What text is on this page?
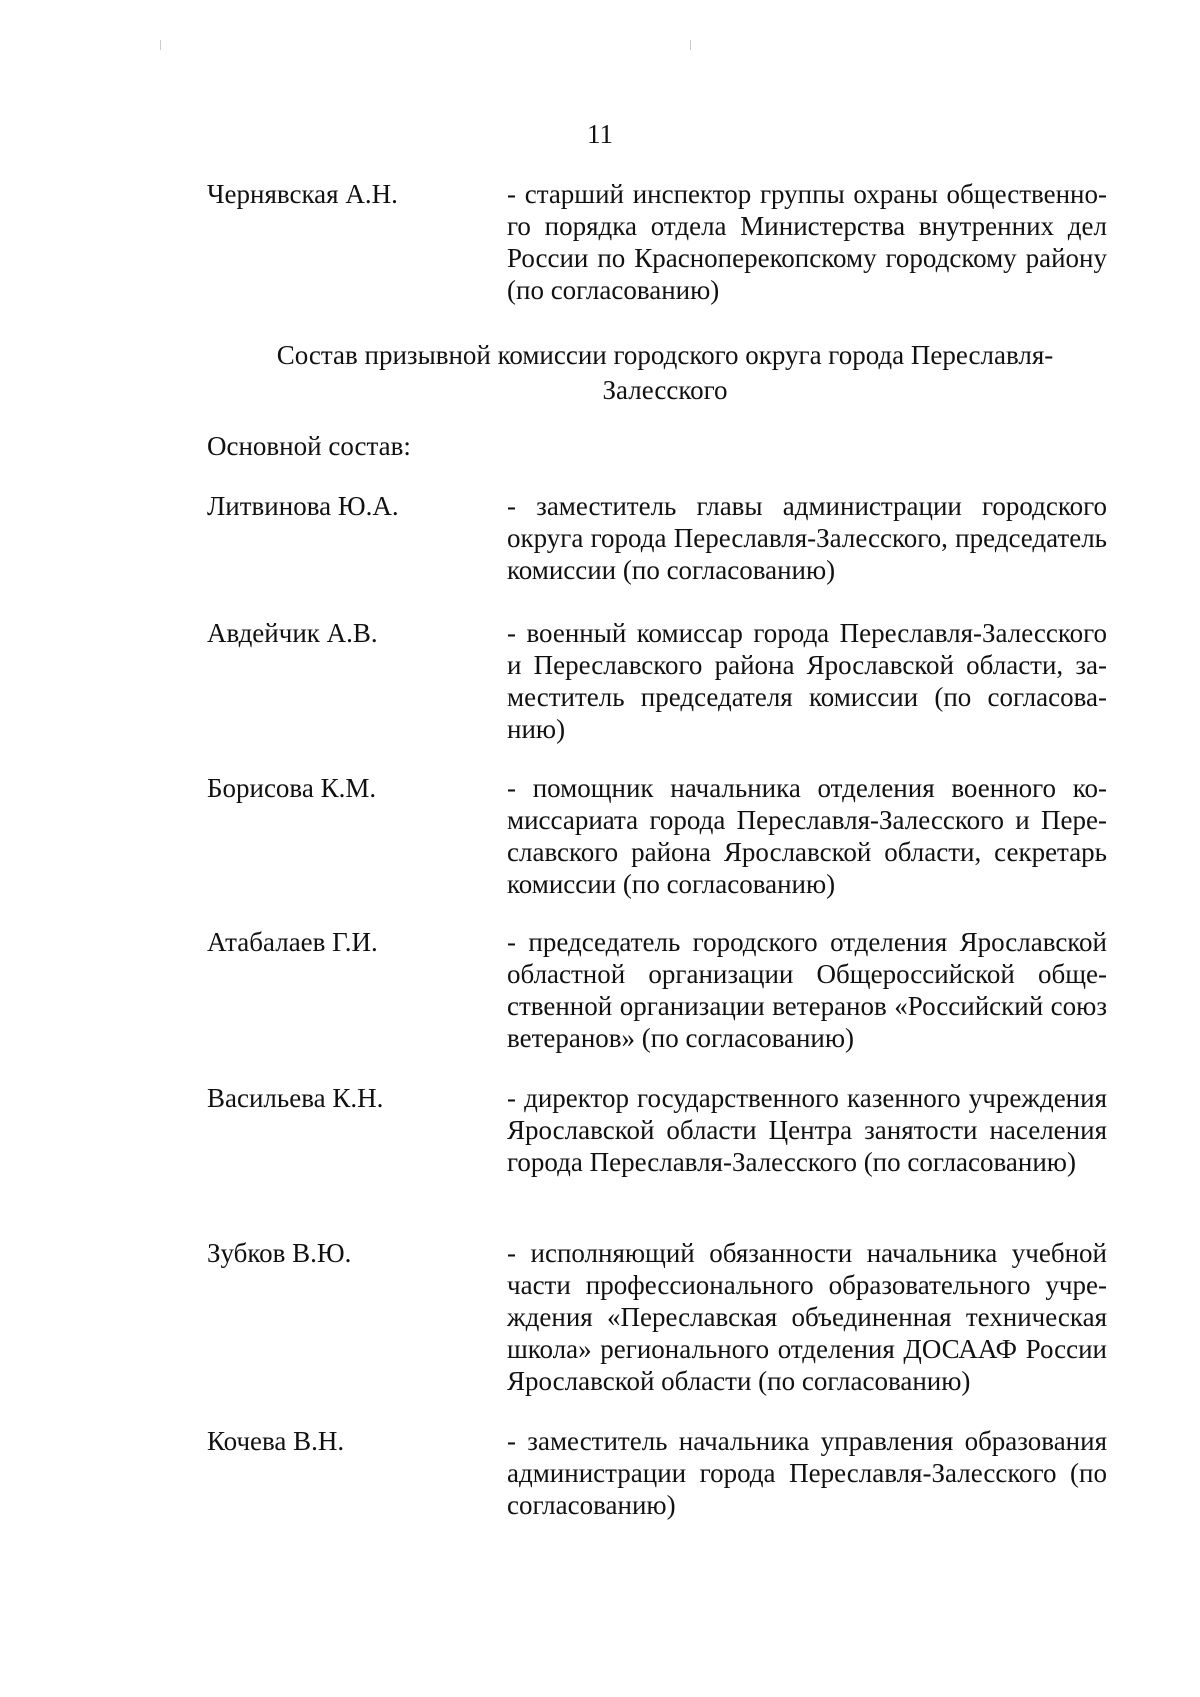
11
Чернявская А.Н.	- старший инспектор группы охраны общественного порядка отдела Министерства внутренних дел России по Красноперекопскому городскому району (по согласованию)
Состав призывной комиссии городского округа города Переславля-Залесского
Основной состав:
Литвинова Ю.А.	- заместитель главы администрации городского округа города Переславля-Залесского, председатель комиссии (по согласованию)
Авдейчик А.В.	- военный комиссар города Переславля-Залесского и Переславского района Ярославской области, заместитель председателя комиссии (по согласованию)
Борисова К.М.	- помощник начальника отделения военного комиссариата города Переславля-Залесского и Переславского района Ярославской области, секретарь комиссии (по согласованию)
Атабалаев Г.И.	- председатель городского отделения Ярославской областной организации Общероссийской общественной организации ветеранов «Российский союз ветеранов» (по согласованию)
Васильева К.Н.	- директор государственного казенного учреждения Ярославской области Центра занятости населения города Переславля-Залесского (по согласованию)
Зубков В.Ю.	- исполняющий обязанности начальника учебной части профессионального образовательного учреждения «Переславская объединенная техническая школа» регионального отделения ДОСААФ России Ярославской области (по согласованию)
Кочева В.Н.	- заместитель начальника управления образования администрации города Переславля-Залесского (по согласованию)
